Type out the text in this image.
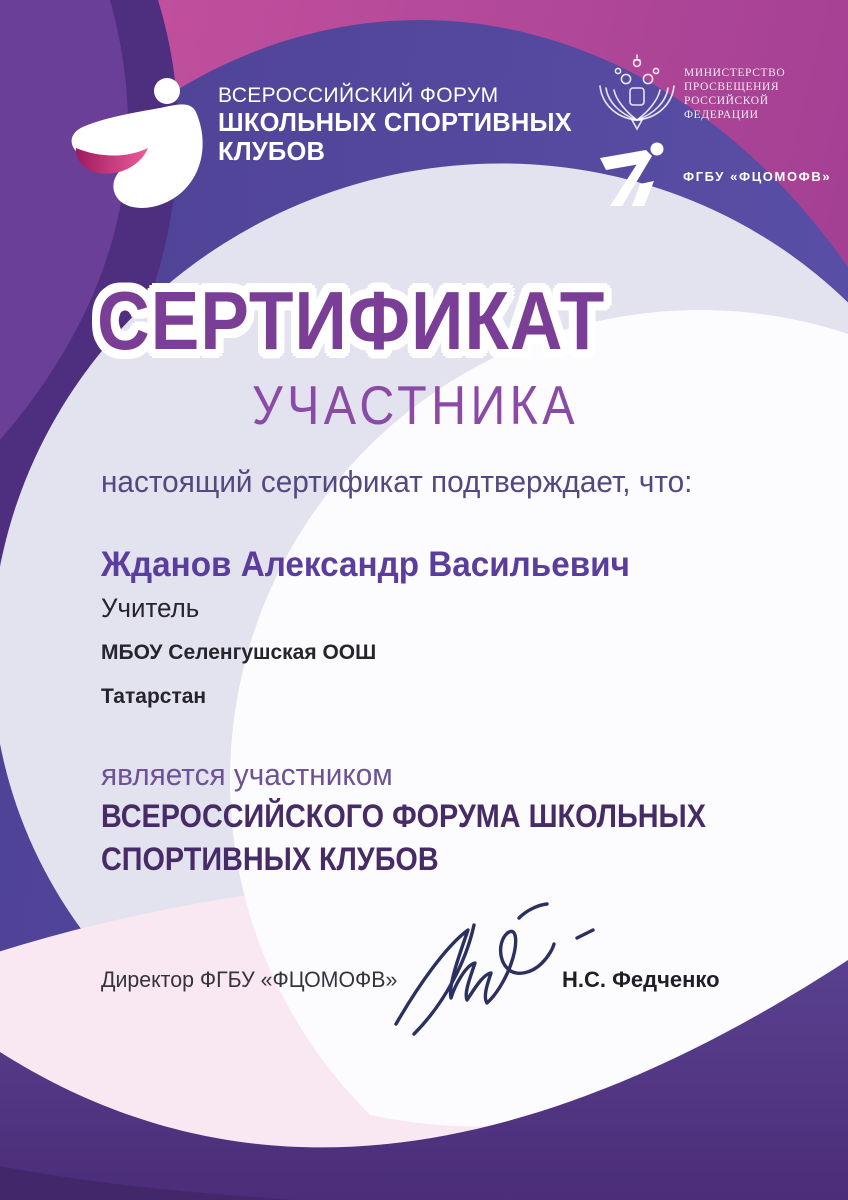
ВСЕРОССИЙСКИЙ ФОРУМ
ШКОЛЬНЫХ СПОРТИВНЫХ
КЛУБОВ
МИНИСТЕРСТВО
ПРОСВЕЩЕНИЯ
РОССИЙСКОЙ
ФЕДЕРАЦИИ
ФГБУ «ФЦОМОФВ»
СЕРТИФИКАТ
УЧАСТНИКА
настоящий сертификат подтверждает, что:
Жданов Александр Васильевич
Учитель
МБОУ Селенгушская ООШ
Татарстан
является участником
ВСЕРОССИЙСКОГО ФОРУМА ШКОЛЬНЫХ
СПОРТИВНЫХ КЛУБОВ
Директор ФГБУ «ФЦОМОФВ»	Н.С. Федченко
